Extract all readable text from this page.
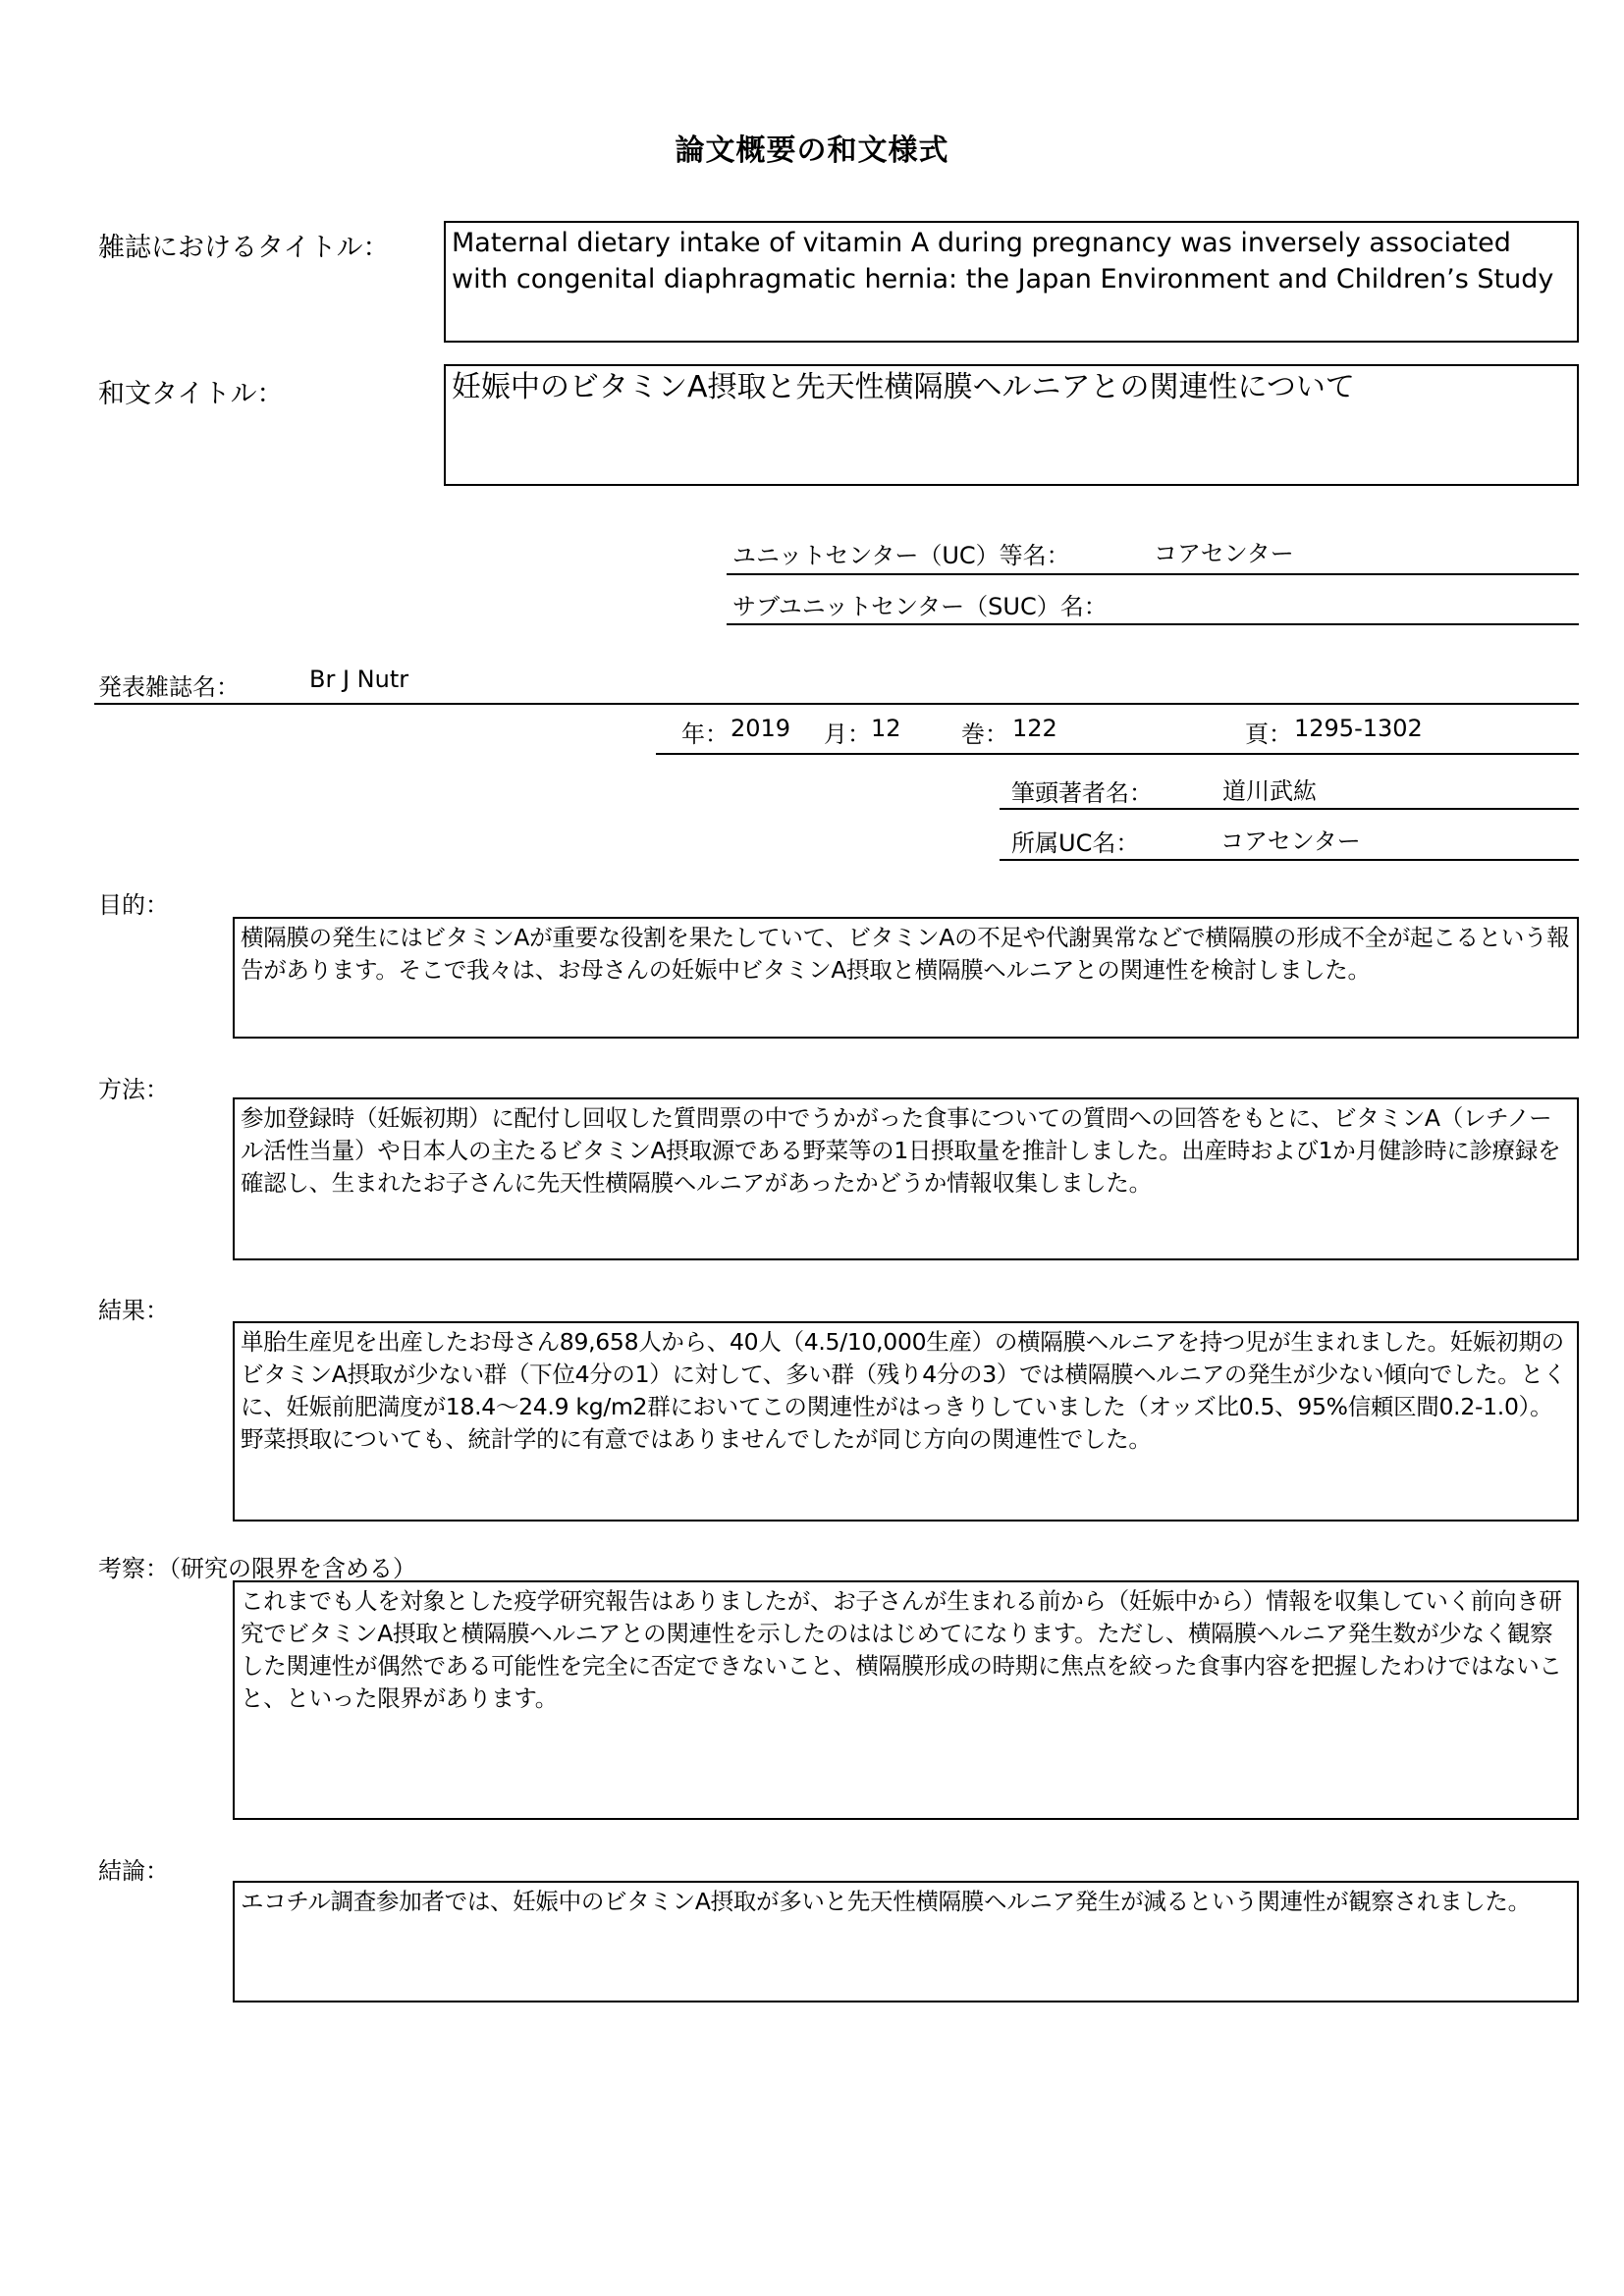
論文概要の和文様式
雑誌におけるタイトル： Maternal dietary intake of vitamin A during pregnancy was inversely associated with congenital diaphragmatic hernia: the Japan Environment and Children’s Study
和文タイトル：	妊娠中のビタミンA摂取と先天性横隔膜ヘルニアとの関連性について
ユニットセンター（UC）等名：	コアセンター
サブユニットセンター（SUC）名：
発表雑誌名：	Br J Nutr
年： 2019 月： 12	巻： 122	頁： 1295-1302
筆頭著者名：	道川武紘
所属UC名：	コアセンター
目的：
横隔膜の発生にはビタミンAが重要な役割を果たしていて、ビタミンAの不足や代謝異常などで横隔膜の形成不全が起こるという報告があります。そこで我々は、お母さんの妊娠中ビタミンA摂取と横隔膜ヘルニアとの関連性を検討しました。
方法：
参加登録時（妊娠初期）に配付し回収した質問票の中でうかがった食事についての質問への回答をもとに、ビタミンA（レチノール活性当量）や日本人の主たるビタミンA摂取源である野菜等の1日摂取量を推計しました。出産時および1か月健診時に診療録を確認し、生まれたお子さんに先天性横隔膜ヘルニアがあったかどうか情報収集しました。
結果：
単胎生産児を出産したお母さん89,658人から、40人（4.5/10,000生産）の横隔膜ヘルニアを持つ児が生まれました。妊娠初期のビタミンA摂取が少ない群（下位4分の1）に対して、多い群（残り4分の3）では横隔膜ヘルニアの発生が少ない傾向でした。とくに、妊娠前肥満度が18.4～24.9 kg/m2群においてこの関連性がはっきりしていました（オッズ比0.5、95%信頼区間0.2-1.0）。野菜摂取についても、統計学的に有意ではありませんでしたが同じ方向の関連性でした。
考察：（研究の限界を含める）
これまでも人を対象とした疫学研究報告はありましたが、お子さんが生まれる前から（妊娠中から）情報を収集していく前向き研究でビタミンA摂取と横隔膜ヘルニアとの関連性を示したのははじめてになります。ただし、横隔膜ヘルニア発生数が少なく観察した関連性が偶然である可能性を完全に否定できないこと、横隔膜形成の時期に焦点を絞った食事内容を把握したわけではないこと、といった限界があります。
結論：
エコチル調査参加者では、妊娠中のビタミンA摂取が多いと先天性横隔膜ヘルニア発生が減るという関連性が観察されました。
